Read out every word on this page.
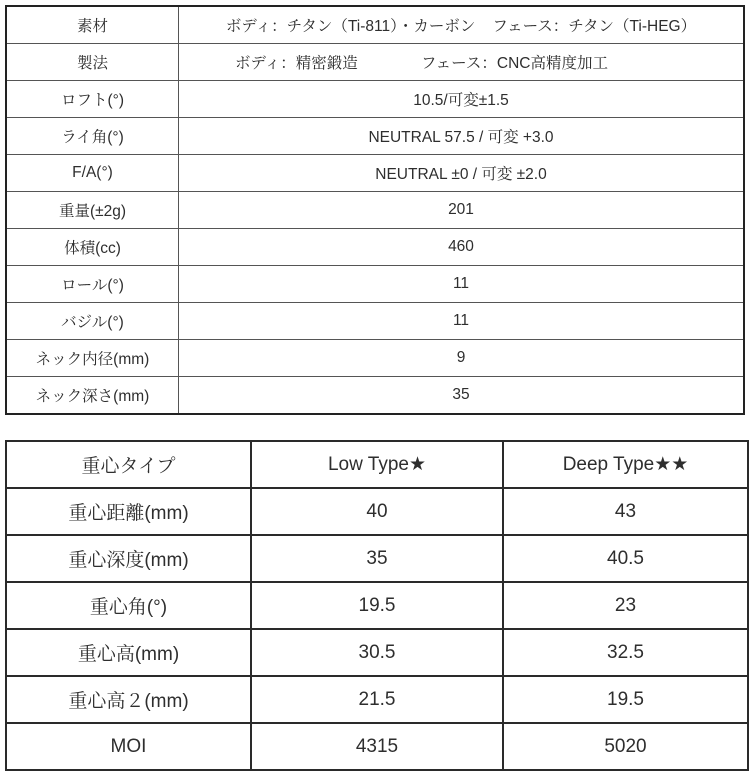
素材	ボディ：チタン（Ti-811）・カーボン フェース：チタン（Ti-HEG）

製法	ボディ：精密鍛造 フェース：CNC高精度加工

ロフト(°)	10.5/可変±1.5
ライ角(°)	NEUTRAL 57.5 / 可変 +3.0
F/A(°)	NEUTRAL ±0 / 可変 ±2.0
重量(±2g)	201
体積(cc)	460
ロール(°)	11
バジル(°)	11
ネック内径(mm)	9
ネック深さ(mm)	35
重心タイプ	Low Type★	Deep Type★★
重心距離(mm)	40	43
重心深度(mm)	35	40.5
重心角(°)	19.5	23
重心高(mm)	30.5	32.5
重心高２(mm)	21.5	19.5
MOI	4315	5020
